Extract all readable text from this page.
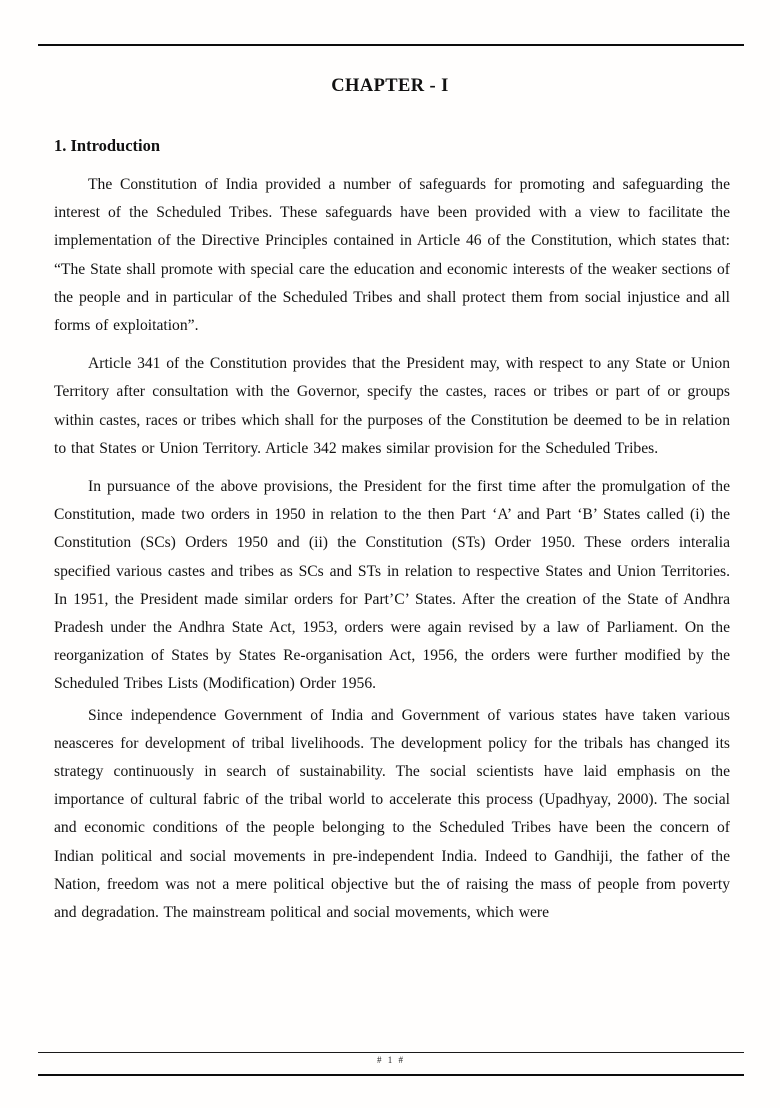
CHAPTER - I
1. Introduction

The Constitution of India provided a number of safeguards for promoting and safeguarding the interest of the Scheduled Tribes. These safeguards have been provided with a view to facilitate the implementation of the Directive Principles contained in Article 46 of the Constitution, which states that: “The State shall promote with special care the education and economic interests of the weaker sections of the people and in particular of the Scheduled Tribes and shall protect them from social injustice and all forms of exploitation”.

Article 341 of the Constitution provides that the President may, with respect to any State or Union Territory after consultation with the Governor, specify the castes, races or tribes or part of or groups within castes, races or tribes which shall for the purposes of the Constitution be deemed to be in relation to that States or Union Territory. Article 342 makes similar provision for the Scheduled Tribes.

In pursuance of the above provisions, the President for the first time after the promulgation of the Constitution, made two orders in 1950 in relation to the then Part ‘A’ and Part ‘B’ States called (i) the Constitution (SCs) Orders 1950 and (ii) the Constitution (STs) Order 1950. These orders interalia specified various castes and tribes as SCs and STs in relation to respective States and Union Territories. In 1951, the President made similar orders for Part’C’ States. After the creation of the State of Andhra Pradesh under the Andhra State Act, 1953, orders were again revised by a law of Parliament. On the reorganization of States by States Re-organisation Act, 1956, the orders were further modified by the Scheduled Tribes Lists (Modification) Order 1956.

Since independence Government of India and Government of various states have taken various neasceres for development of tribal livelihoods. The development policy for the tribals has changed its strategy continuously in search of sustainability. The social scientists have laid emphasis on the importance of cultural fabric of the tribal world to accelerate this process (Upadhyay, 2000). The social and economic conditions of the people belonging to the Scheduled Tribes have been the concern of Indian political and social movements in pre-independent India. Indeed to Gandhiji, the father of the Nation, freedom was not a mere political objective but the of raising the mass of people from poverty and degradation. The mainstream political and social movements, which were

# 1 #
